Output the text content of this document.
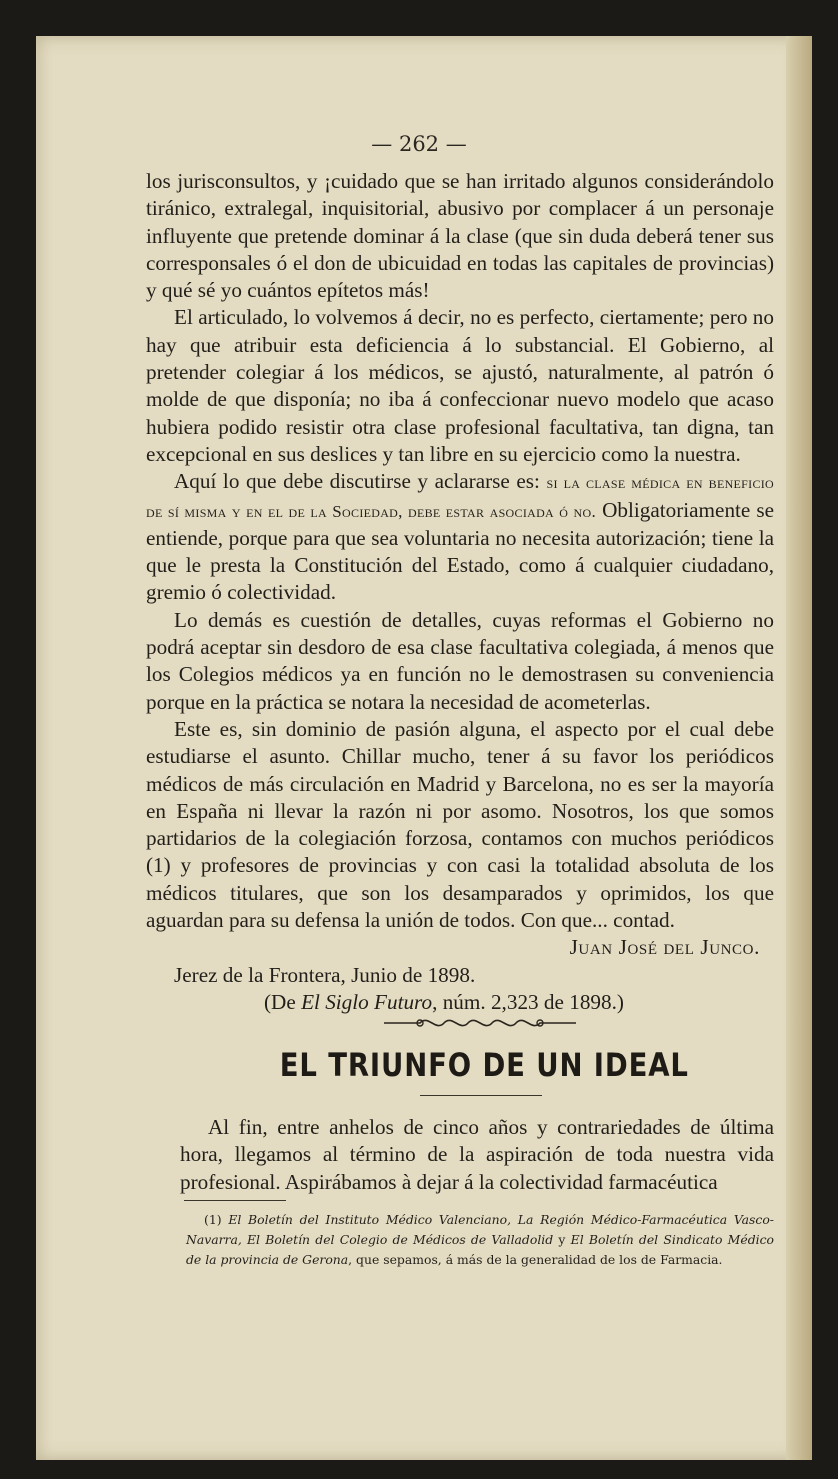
— 262 —

los jurisconsultos, y ¡cuidado que se han irritado algunos considerándolo tiránico, extralegal, inquisitorial, abusivo por complacer á un personaje influyente que pretende dominar á la clase (que sin duda deberá tener sus corresponsales ó el don de ubicuidad en todas las capitales de provincias) y qué sé yo cuántos epítetos más!

El articulado, lo volvemos á decir, no es perfecto, ciertamente; pero no hay que atribuir esta deficiencia á lo substancial. El Gobierno, al pretender colegiar á los médicos, se ajustó, naturalmente, al patrón ó molde de que disponía; no iba á confeccionar nuevo modelo que acaso hubiera podido resistir otra clase profesional facultativa, tan digna, tan excepcional en sus deslices y tan libre en su ejercicio como la nuestra.

Aquí lo que debe discutirse y aclararse es: si la clase médica en beneficio de sí misma y en el de la Sociedad, debe estar asociada ó no. Obligatoriamente se entiende, porque para que sea voluntaria no necesita autorización; tiene la que le presta la Constitución del Estado, como á cualquier ciudadano, gremio ó colectividad.

Lo demás es cuestión de detalles, cuyas reformas el Gobierno no podrá aceptar sin desdoro de esa clase facultativa colegiada, á menos que los Colegios médicos ya en función no le demostrasen su conveniencia porque en la práctica se notara la necesidad de acometerlas.

Este es, sin dominio de pasión alguna, el aspecto por el cual debe estudiarse el asunto. Chillar mucho, tener á su favor los periódicos médicos de más circulación en Madrid y Barcelona, no es ser la mayoría en España ni llevar la razón ni por asomo. Nosotros, los que somos partidarios de la colegiación forzosa, contamos con muchos periódicos (1) y profesores de provincias y con casi la totalidad absoluta de los médicos titulares, que son los desamparados y oprimidos, los que aguardan para su defensa la unión de todos. Con que... contad.

Juan José del Junco.

Jerez de la Frontera, Junio de 1898.

(De El Siglo Futuro, núm. 2,323 de 1898.)

EL TRIUNFO DE UN IDEAL

Al fin, entre anhelos de cinco años y contrariedades de última hora, llegamos al término de la aspiración de toda nuestra vida profesional. Aspirábamos à dejar á la colectividad farmacéutica

(1) El Boletín del Instituto Médico Valenciano, La Región Médico-Farmacéutica Vasco-Navarra, El Boletín del Colegio de Médicos de Valladolid y El Boletín del Sindicato Médico de la provincia de Gerona, que sepamos, á más de la generalidad de los de Farmacia.
